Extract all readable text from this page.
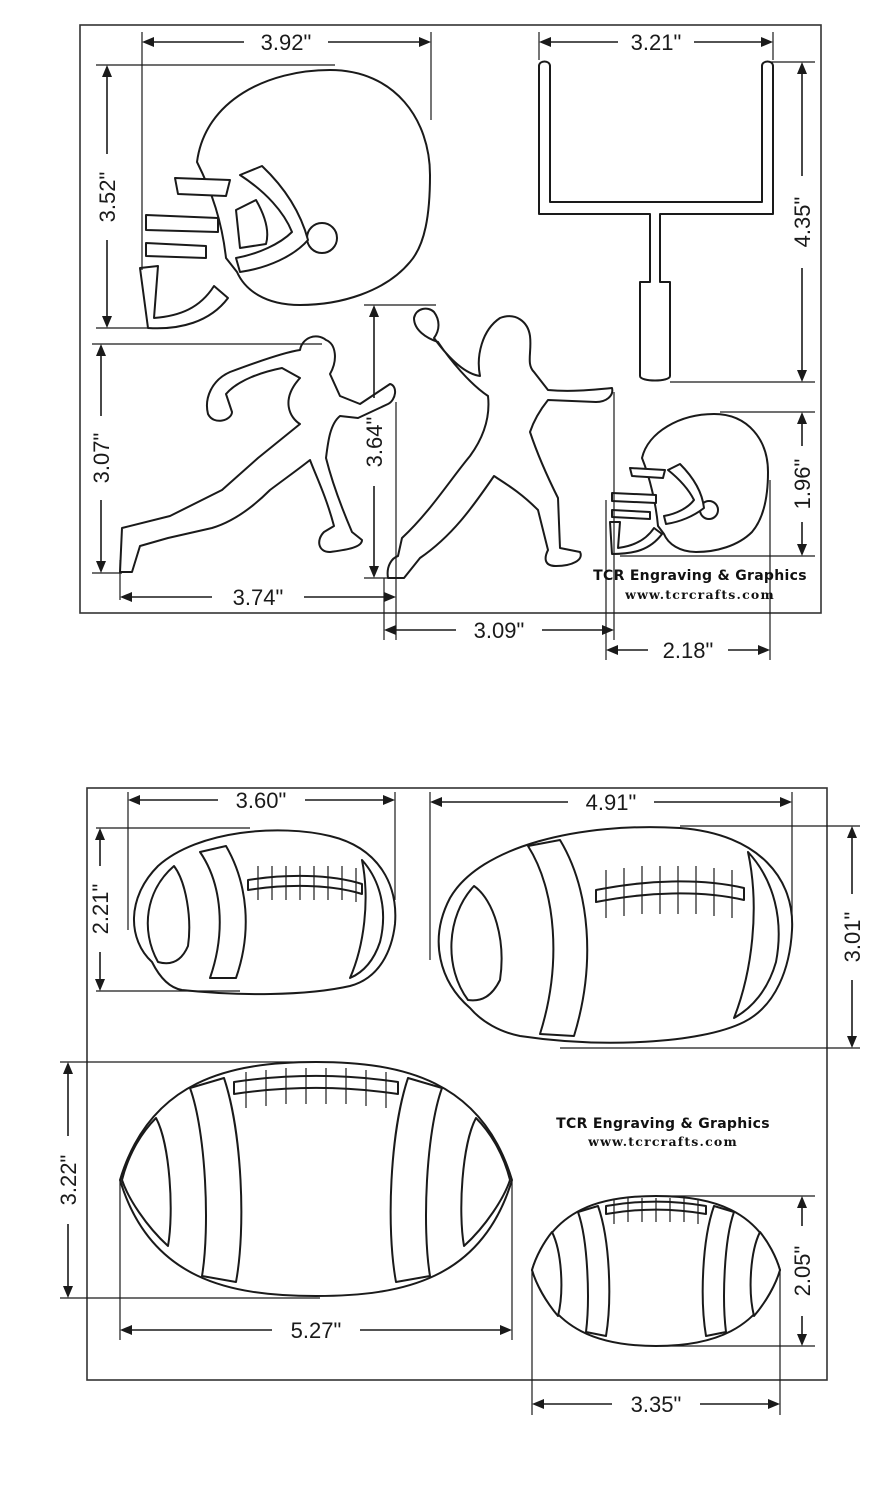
3.92"
3.52"
3.21"
4.35"
3.07"
3.74"
3.64"
3.09"
1.96"
2.18"
TCR Engraving & Graphics
www.tcrcrafts.com
3.60"
2.21"
4.91"
3.01"
5.27"
3.22"
2.05"
3.35"
TCR Engraving & Graphics
www.tcrcrafts.com
